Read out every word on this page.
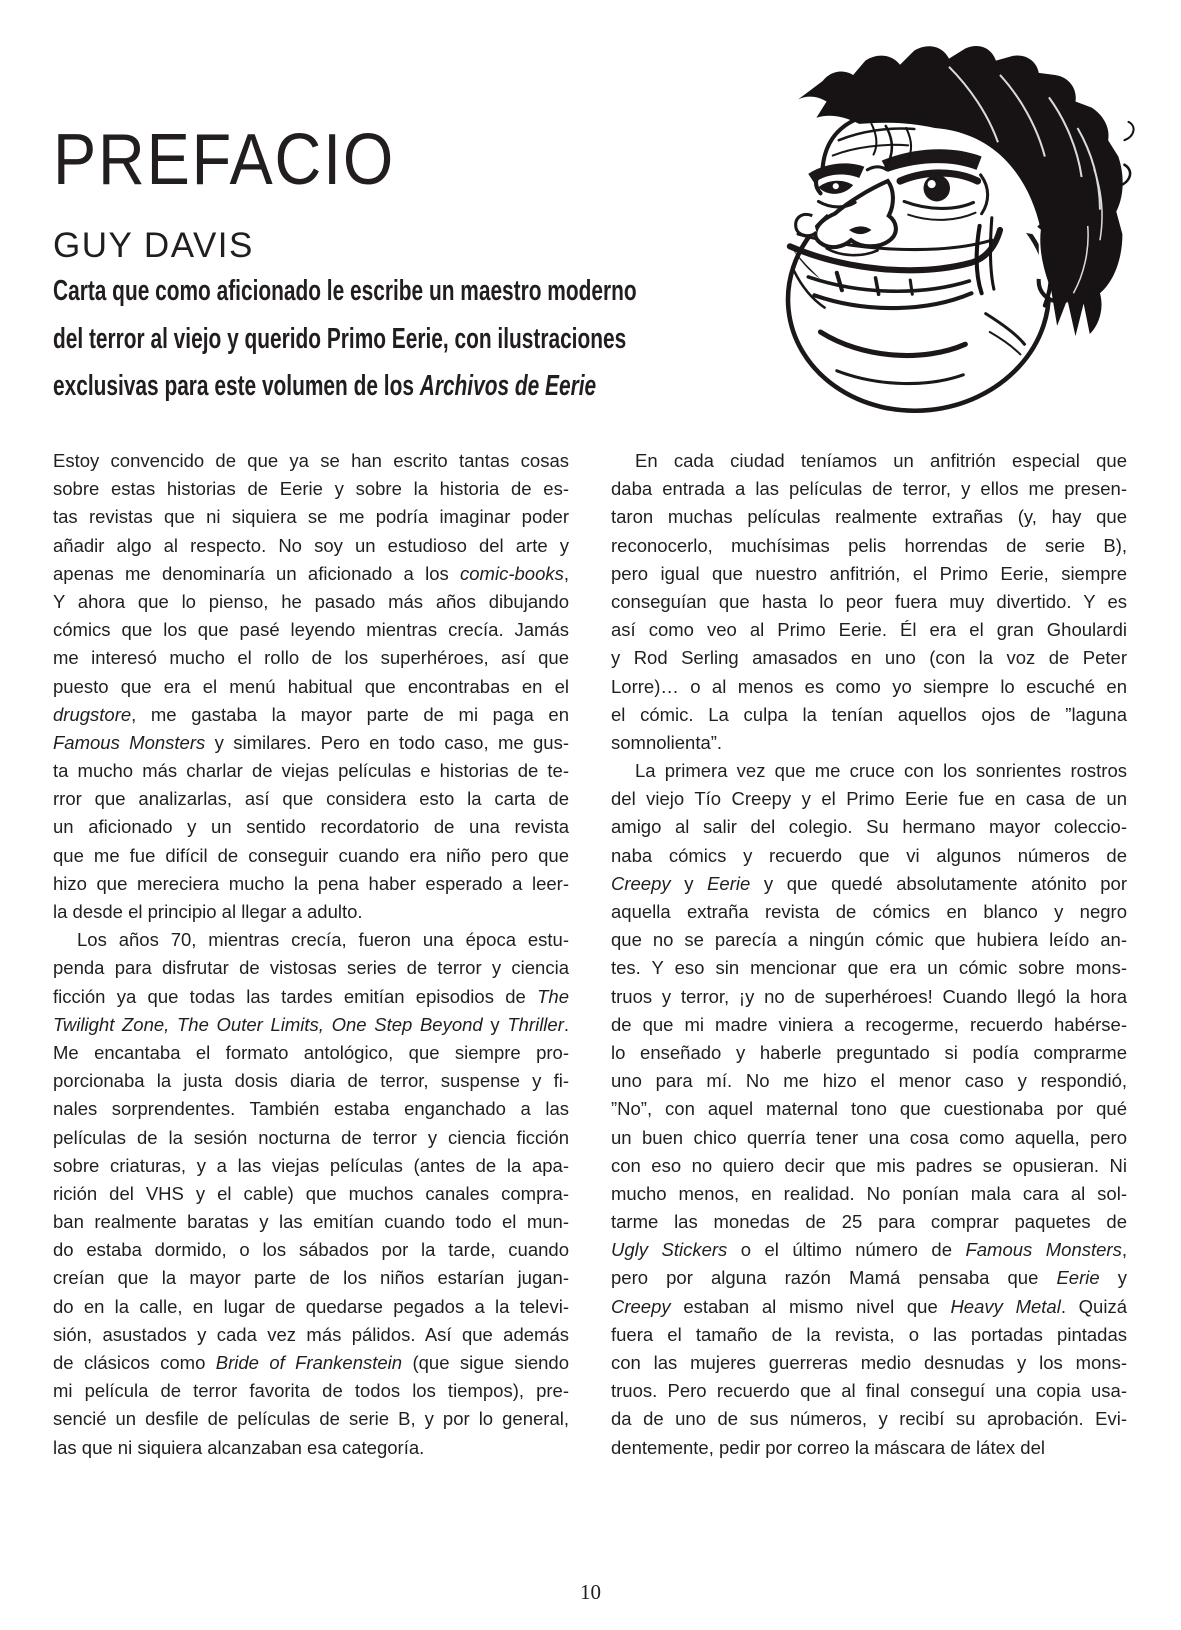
PREFACIO
GUY DAVIS
Carta que como aficionado le escribe un maestro moderno
del terror al viejo y querido Primo Eerie, con ilustraciones
exclusivas para este volumen de los Archivos de Eerie
Estoy convencido de que ya se han escrito tantas cosas
sobre estas historias de Eerie y sobre la historia de es-
tas revistas que ni siquiera se me podría imaginar poder
añadir algo al respecto. No soy un estudioso del arte y
apenas me denominaría un aficionado a los comic-books,
Y ahora que lo pienso, he pasado más años dibujando
cómics que los que pasé leyendo mientras crecía. Jamás
me interesó mucho el rollo de los superhéroes, así que
puesto que era el menú habitual que encontrabas en el
drugstore, me gastaba la mayor parte de mi paga en
Famous Monsters y similares. Pero en todo caso, me gus-
ta mucho más charlar de viejas películas e historias de te-
rror que analizarlas, así que considera esto la carta de
un aficionado y un sentido recordatorio de una revista
que me fue difícil de conseguir cuando era niño pero que
hizo que mereciera mucho la pena haber esperado a leer-
la desde el principio al llegar a adulto.
Los años 70, mientras crecía, fueron una época estu-
penda para disfrutar de vistosas series de terror y ciencia
ficción ya que todas las tardes emitían episodios de The
Twilight Zone, The Outer Limits, One Step Beyond y Thriller.
Me encantaba el formato antológico, que siempre pro-
porcionaba la justa dosis diaria de terror, suspense y fi-
nales sorprendentes. También estaba enganchado a las
películas de la sesión nocturna de terror y ciencia ficción
sobre criaturas, y a las viejas películas (antes de la apa-
rición del VHS y el cable) que muchos canales compra-
ban realmente baratas y las emitían cuando todo el mun-
do estaba dormido, o los sábados por la tarde, cuando
creían que la mayor parte de los niños estarían jugan-
do en la calle, en lugar de quedarse pegados a la televi-
sión, asustados y cada vez más pálidos. Así que además
de clásicos como Bride of Frankenstein (que sigue siendo
mi película de terror favorita de todos los tiempos), pre-
sencié un desfile de películas de serie B, y por lo general,
las que ni siquiera alcanzaban esa categoría.
En cada ciudad teníamos un anfitrión especial que
daba entrada a las películas de terror, y ellos me presen-
taron muchas películas realmente extrañas (y, hay que
reconocerlo, muchísimas pelis horrendas de serie B),
pero igual que nuestro anfitrión, el Primo Eerie, siempre
conseguían que hasta lo peor fuera muy divertido. Y es
así como veo al Primo Eerie. Él era el gran Ghoulardi
y Rod Serling amasados en uno (con la voz de Peter
Lorre)… o al menos es como yo siempre lo escuché en
el cómic. La culpa la tenían aquellos ojos de ”laguna
somnolienta”.
La primera vez que me cruce con los sonrientes rostros
del viejo Tío Creepy y el Primo Eerie fue en casa de un
amigo al salir del colegio. Su hermano mayor coleccio-
naba cómics y recuerdo que vi algunos números de
Creepy y Eerie y que quedé absolutamente atónito por
aquella extraña revista de cómics en blanco y negro
que no se parecía a ningún cómic que hubiera leído an-
tes. Y eso sin mencionar que era un cómic sobre mons-
truos y terror, ¡y no de superhéroes! Cuando llegó la hora
de que mi madre viniera a recogerme, recuerdo habérse-
lo enseñado y haberle preguntado si podía comprarme
uno para mí. No me hizo el menor caso y respondió,
”No”, con aquel maternal tono que cuestionaba por qué
un buen chico querría tener una cosa como aquella, pero
con eso no quiero decir que mis padres se opusieran. Ni
mucho menos, en realidad. No ponían mala cara al sol-
tarme las monedas de 25 para comprar paquetes de
Ugly Stickers o el último número de Famous Monsters,
pero por alguna razón Mamá pensaba que Eerie y
Creepy estaban al mismo nivel que Heavy Metal. Quizá
fuera el tamaño de la revista, o las portadas pintadas
con las mujeres guerreras medio desnudas y los mons-
truos. Pero recuerdo que al final conseguí una copia usa-
da de uno de sus números, y recibí su aprobación. Evi-
dentemente, pedir por correo la máscara de látex del
10
